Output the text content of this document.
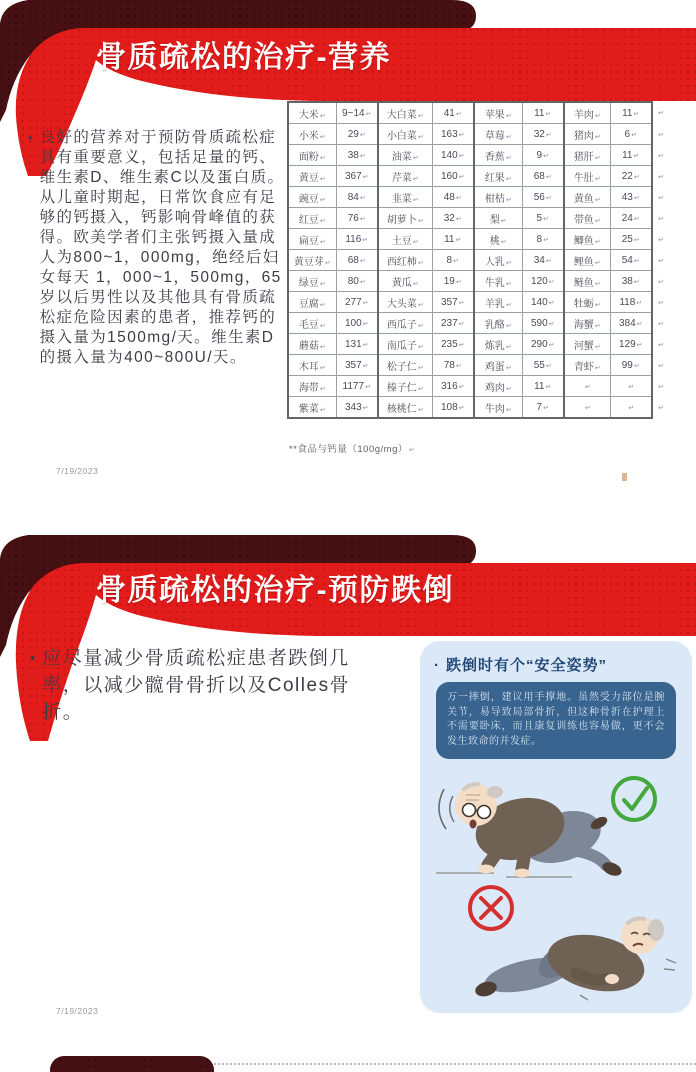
骨质疏松的治疗-营养
• 良好的营养对于预防骨质疏松症具有重要意义，包括足量的钙、维生素D、维生素C以及蛋白质。从儿童时期起，日常饮食应有足够的钙摄入，钙影响骨峰值的获得。欧美学者们主张钙摄入量成人为800~1，000mg，绝经后妇女每天 1，000~1，500mg，65岁以后男性以及其他具有骨质疏松症危险因素的患者，推荐钙的摄入量为1500mg/天。维生素D的摄入量为400~800U/天。

大米↵	9~14↵	大白菜↵	41↵	苹果↵	11↵	羊肉↵	11↵	↵
小米↵	29↵	小白菜↵	163↵	草莓↵	32↵	猪肉↵	6↵	↵
面粉↵	38↵	油菜↵	140↵	香蕉↵	9↵	猪肝↵	11↵	↵
黄豆↵	367↵	芹菜↵	160↵	红果↵	68↵	牛肚↵	22↵	↵
豌豆↵	84↵	韭菜↵	48↵	柑桔↵	56↵	黄鱼↵	43↵	↵
红豆↵	76↵	胡萝卜↵	32↵	梨↵	5↵	带鱼↵	24↵	↵
扁豆↵	116↵	土豆↵	11↵	桃↵	8↵	鲫鱼↵	25↵	↵
黄豆芽↵	68↵	西红柿↵	8↵	人乳↵	34↵	鲤鱼↵	54↵	↵
绿豆↵	80↵	黄瓜↵	19↵	牛乳↵	120↵	鲢鱼↵	38↵	↵
豆腐↵	277↵	大头菜↵	357↵	羊乳↵	140↵	牡蛎↵	118↵	↵
毛豆↵	100↵	西瓜子↵	237↵	乳酪↵	590↵	海蟹↵	384↵	↵
蘑菇↵	131↵	南瓜子↵	235↵	炼乳↵	290↵	河蟹↵	129↵	↵
木耳↵	357↵	松子仁↵	78↵	鸡蛋↵	55↵	青虾↵	99↵	↵
海带↵	1177↵	榛子仁↵	316↵	鸡肉↵	11↵	↵	↵	↵
紫菜↵	343↵	核桃仁↵	108↵	牛肉↵	7↵	↵	↵	↵
**食品与钙量（100g/mg）↵
7/19/2023
骨质疏松的治疗-预防跌倒
• 应尽量减少骨质疏松症患者跌倒几率，以减少髋骨骨折以及Colles骨折。

· 跌倒时有个“安全姿势”

万一摔倒，建议用手撑地。虽然受力部位是腕关节，易导致局部骨折，但这种骨折在护理上不需要卧床，而且康复训练也容易做，更不会发生致命的并发症。

7/19/2023
